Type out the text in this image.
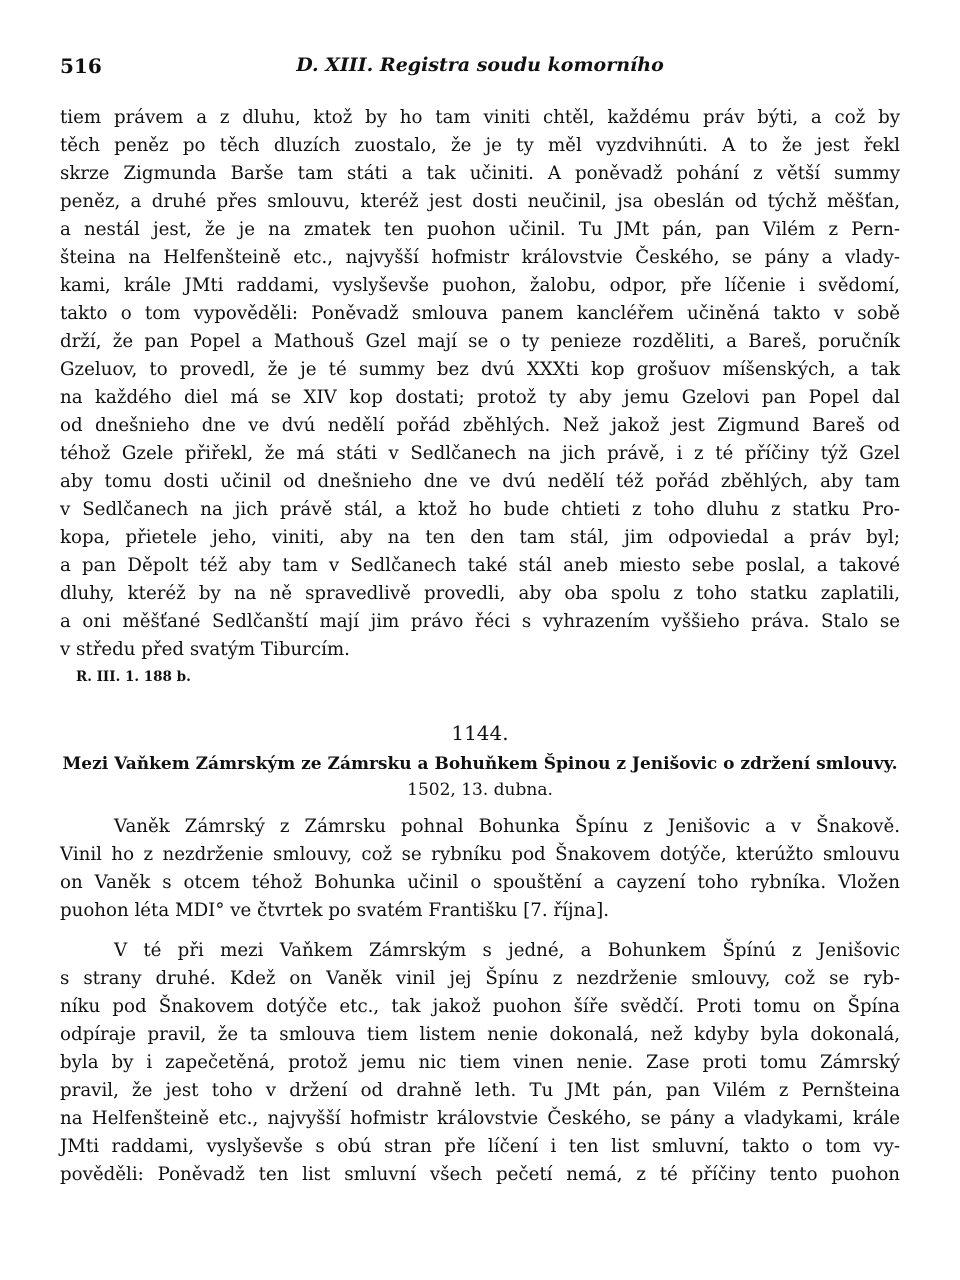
516	D. XIII. Registra soudu komorního
tiem právem a z dluhu, ktož by ho tam viniti chtěl, každému práv býti, a což by
těch peněz po těch dluzích zuostalo, že je ty měl vyzdvihnúti. A to že jest řekl
skrze Zigmunda Barše tam státi a tak učiniti. A poněvadž pohání z větší summy
peněz, a druhé přes smlouvu, kteréž jest dosti neučinil, jsa obeslán od týchž měšťan,
a nestál jest, že je na zmatek ten puohon učinil. Tu JMt pán, pan Vilém z Pern-
šteina na Helfenšteině etc., najvyšší hofmistr královstvie Českého, se pány a vlady-
kami, krále JMti raddami, vyslyševše puohon, žalobu, odpor, pře líčenie i svědomí,
takto o tom vypověděli: Poněvadž smlouva panem kancléřem učiněná takto v sobě
drží, že pan Popel a Mathouš Gzel mají se o ty penieze rozděliti, a Bareš, poručník
Gzeluov, to provedl, že je té summy bez dvú XXXti kop grošuov míšenských, a tak
na každého diel má se XIV kop dostati; protož ty aby jemu Gzelovi pan Popel dal
od dnešnieho dne ve dvú nedělí pořád zběhlých. Než jakož jest Zigmund Bareš od
téhož Gzele přiřekl, že má státi v Sedlčanech na jich právě, i z té příčiny týž Gzel
aby tomu dosti učinil od dnešnieho dne ve dvú nedělí též pořád zběhlých, aby tam
v Sedlčanech na jich právě stál, a ktož ho bude chtieti z toho dluhu z statku Pro-
kopa, přietele jeho, viniti, aby na ten den tam stál, jim odpoviedal a práv byl;
a pan Děpolt též aby tam v Sedlčanech také stál aneb miesto sebe poslal, a takové
dluhy, kteréž by na ně spravedlivě provedli, aby oba spolu z toho statku zaplatili,
a oni měšťané Sedlčanští mají jim právo řéci s vyhrazením vyššieho práva. Stalo se
v středu před svatým Tiburcím.
R. III. 1. 188 b.
1144.
Mezi Vaňkem Zámrským ze Zámrsku a Bohuňkem Špinou z Jenišovic o zdržení smlouvy.
1502, 13. dubna.
Vaněk Zámrský z Zámrsku pohnal Bohunka Špínu z Jenišovic a v Šnakově.
Vinil ho z nezdrženie smlouvy, což se rybníku pod Šnakovem dotýče, kterúžto smlouvu
on Vaněk s otcem téhož Bohunka učinil o spouštění a cayzení toho rybníka. Vložen
puohon léta MDI° ve čtvrtek po svatém Františku [7. října].
V té při mezi Vaňkem Zámrským s jedné, a Bohunkem Špínú z Jenišovic
s strany druhé. Kdež on Vaněk vinil jej Špínu z nezdrženie smlouvy, což se ryb-
níku pod Šnakovem dotýče etc., tak jakož puohon šíře svědčí. Proti tomu on Špína
odpíraje pravil, že ta smlouva tiem listem nenie dokonalá, než kdyby byla dokonalá,
byla by i zapečetěná, protož jemu nic tiem vinen nenie. Zase proti tomu Zámrský
pravil, že jest toho v držení od drahně leth. Tu JMt pán, pan Vilém z Pernšteina
na Helfenšteině etc., najvyšší hofmistr královstvie Českého, se pány a vladykami, krále
JMti raddami, vyslyševše s obú stran pře líčení i ten list smluvní, takto o tom vy-
pověděli: Poněvadž ten list smluvní všech pečetí nemá, z té příčiny tento puohon
